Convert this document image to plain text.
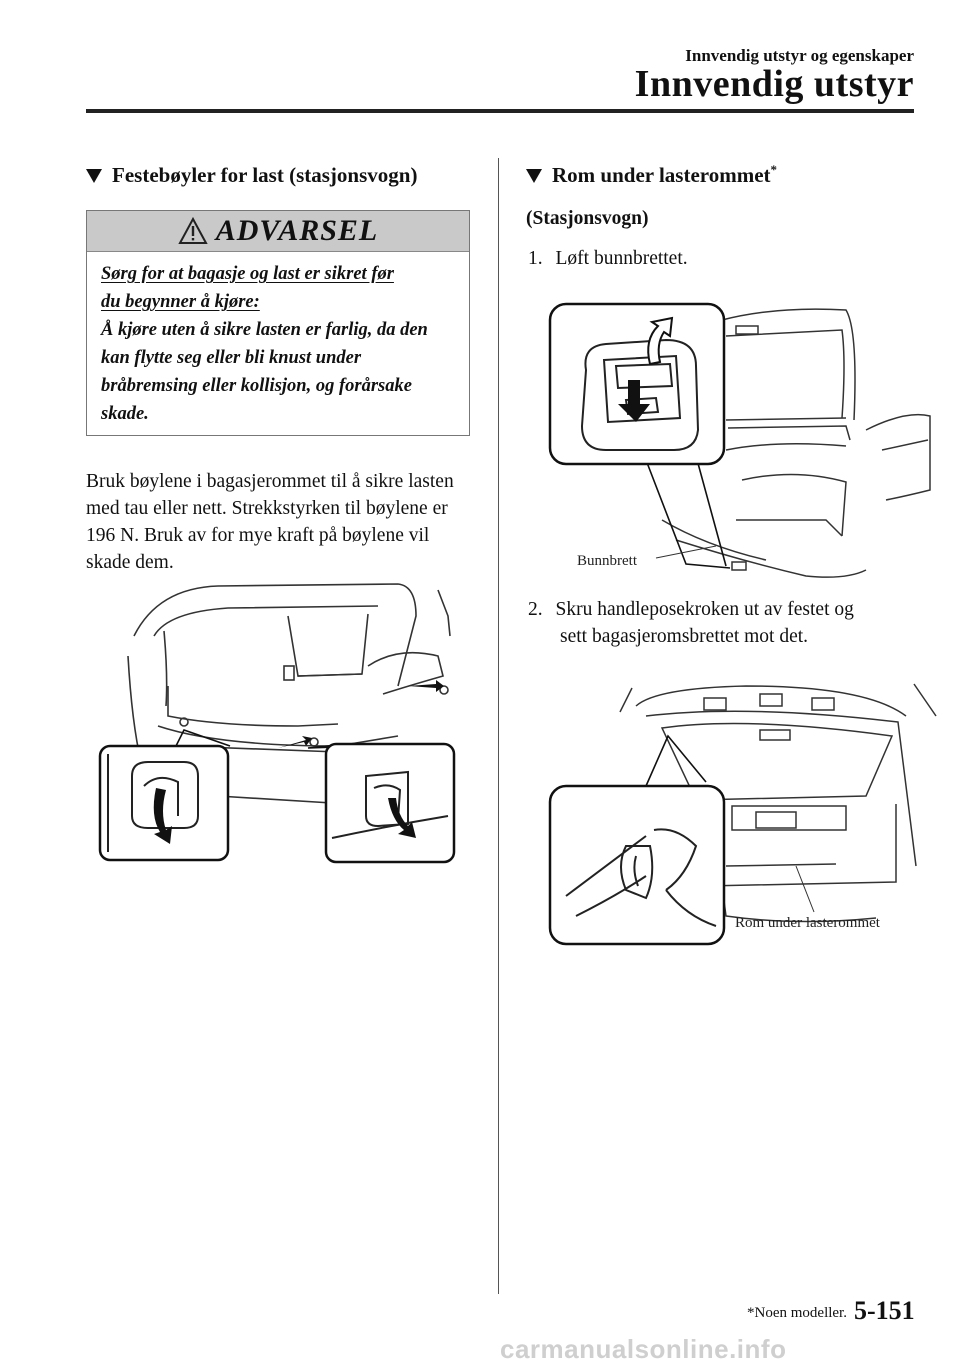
Innvendig utstyr og egenskaper
Innvendig utstyr
Festebøyler for last (stasjonsvogn)
ADVARSEL
Sørg for at bagasje og last er sikret før
du begynner å kjøre:
Å kjøre uten å sikre lasten er farlig, da den kan flytte seg eller bli knust under bråbremsing eller kollisjon, og forårsake skade.
Bruk bøylene i bagasjerommet til å sikre lasten med tau eller nett. Strekkstyrken til bøylene er 196 N. Bruk av for mye kraft på bøylene vil skade dem.
Rom under lasterommet*
(Stasjonsvogn)
1. Løft bunnbrettet.
Bunnbrett
2. Skru handleposekroken ut av festet og
sett bagasjeromsbrettet mot det.
Rom under lasterommet
*Noen modeller. 5-151
carmanualsonline.info
